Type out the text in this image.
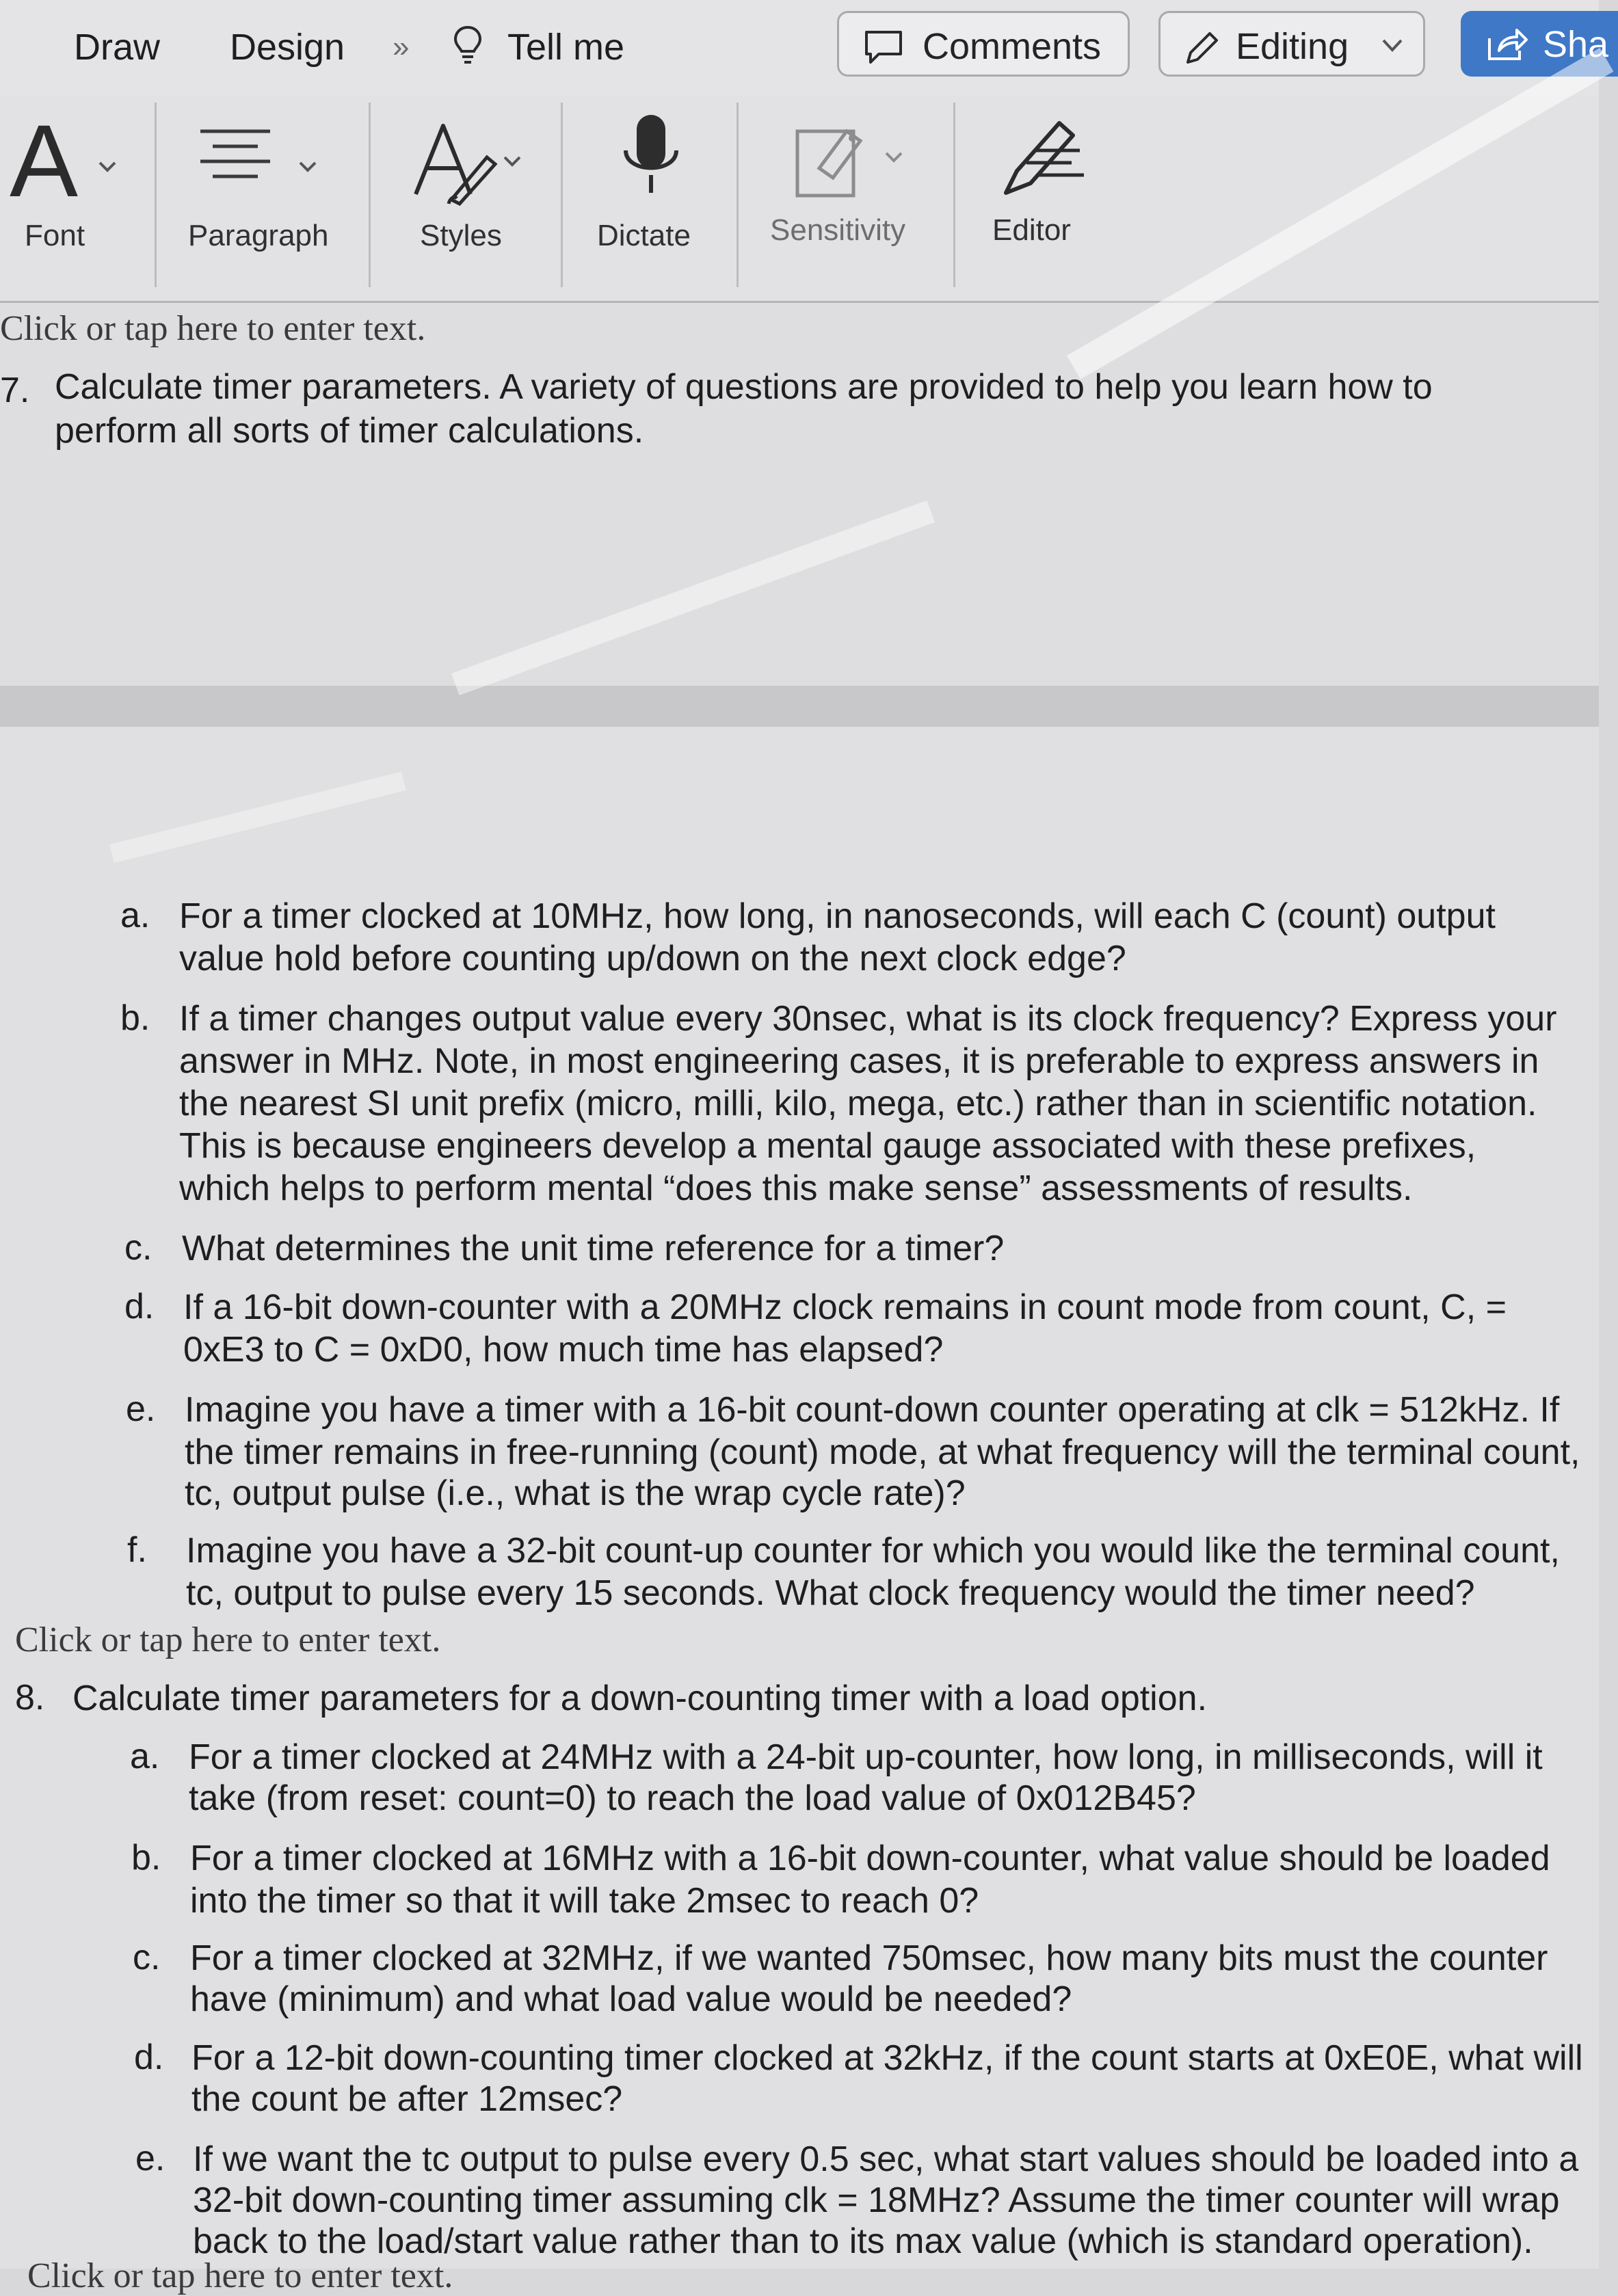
Draw Design »	Tell me	Comments	Editing	Sha
A
Font	Paragraph	Styles	Dictate	Sensitivity	Editor
Click or tap here to enter text.
7. Calculate timer parameters. A variety of questions are provided to help you learn how to
perform all sorts of timer calculations.
a. For a timer clocked at 10MHz, how long, in nanoseconds, will each C (count) output
value hold before counting up/down on the next clock edge?
b. If a timer changes output value every 30nsec, what is its clock frequency? Express your
answer in MHz. Note, in most engineering cases, it is preferable to express answers in
the nearest SI unit prefix (micro, milli, kilo, mega, etc.) rather than in scientific notation.
This is because engineers develop a mental gauge associated with these prefixes,
which helps to perform mental “does this make sense” assessments of results.
c. What determines the unit time reference for a timer?
d. If a 16-bit down-counter with a 20MHz clock remains in count mode from count, C, =
0xE3 to C = 0xD0, how much time has elapsed?
e. Imagine you have a timer with a 16-bit count-down counter operating at clk = 512kHz. If
the timer remains in free-running (count) mode, at what frequency will the terminal count,
tc, output pulse (i.e., what is the wrap cycle rate)?
f. Imagine you have a 32-bit count-up counter for which you would like the terminal count,
tc, output to pulse every 15 seconds. What clock frequency would the timer need?
Click or tap here to enter text.
8. Calculate timer parameters for a down-counting timer with a load option.
a. For a timer clocked at 24MHz with a 24-bit up-counter, how long, in milliseconds, will it
take (from reset: count=0) to reach the load value of 0x012B45?
b. For a timer clocked at 16MHz with a 16-bit down-counter, what value should be loaded
into the timer so that it will take 2msec to reach 0?
c. For a timer clocked at 32MHz, if we wanted 750msec, how many bits must the counter
have (minimum) and what load value would be needed?
d. For a 12-bit down-counting timer clocked at 32kHz, if the count starts at 0xE0E, what will
the count be after 12msec?
e. If we want the tc output to pulse every 0.5 sec, what start values should be loaded into a
32-bit down-counting timer assuming clk = 18MHz? Assume the timer counter will wrap
back to the load/start value rather than to its max value (which is standard operation).
Click or tap here to enter text.
